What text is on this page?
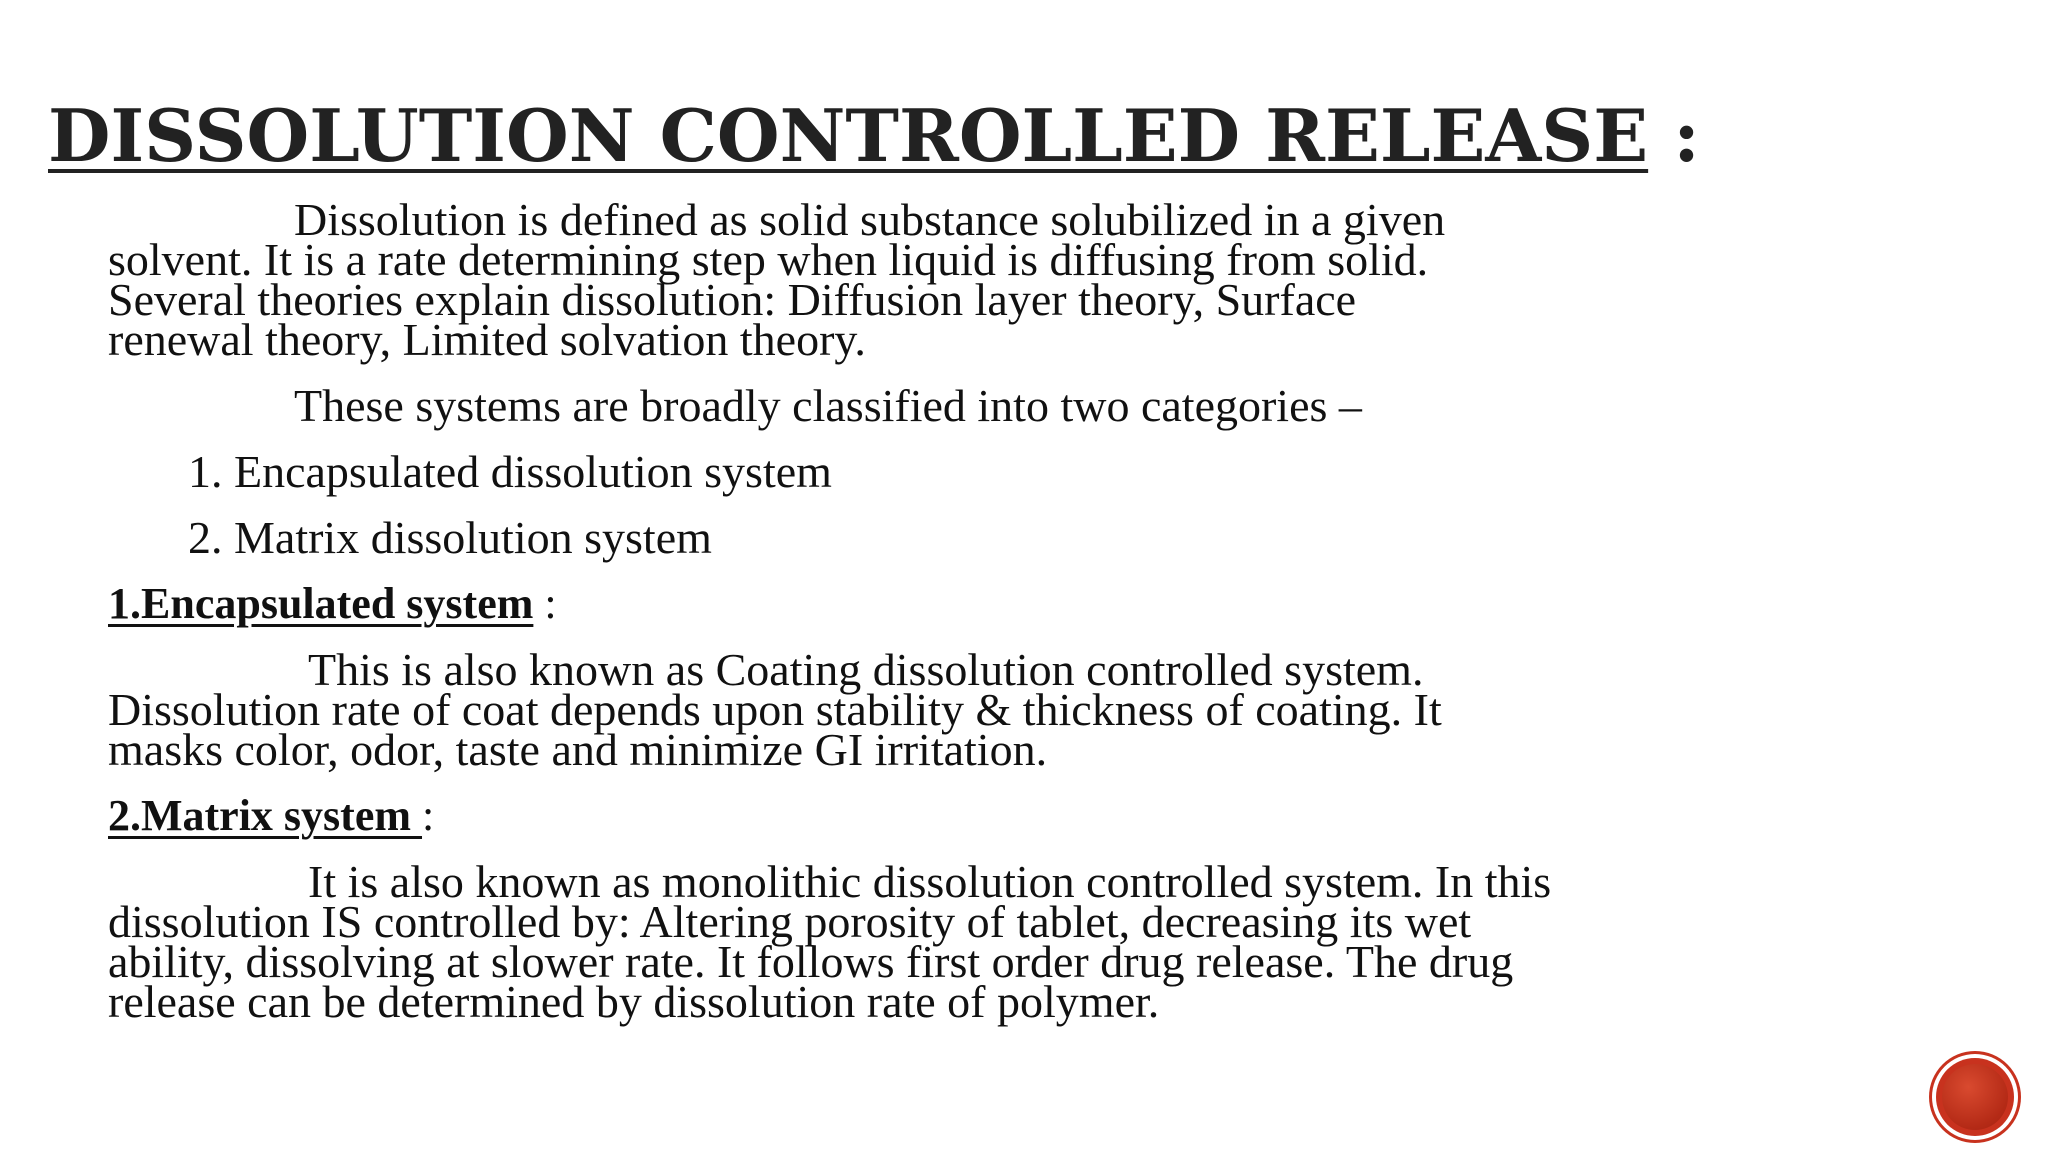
DISSOLUTION CONTROLLED RELEASE :

Dissolution is defined as solid substance solubilized in a given

solvent. It is a rate determining step when liquid is diffusing from solid.

Several theories explain dissolution: Diffusion layer theory, Surface

renewal theory, Limited solvation theory.

These systems are broadly classified into two categories –

1. Encapsulated dissolution system
2. Matrix dissolution system

1.Encapsulated system :

This is also known as Coating dissolution controlled system.

Dissolution rate of coat depends upon stability & thickness of coating. It

masks color, odor, taste and minimize GI irritation.

2.Matrix system :

It is also known as monolithic dissolution controlled system. In this

dissolution IS controlled by: Altering porosity of tablet, decreasing its wet

ability, dissolving at slower rate. It follows first order drug release. The drug

release can be determined by dissolution rate of polymer.
